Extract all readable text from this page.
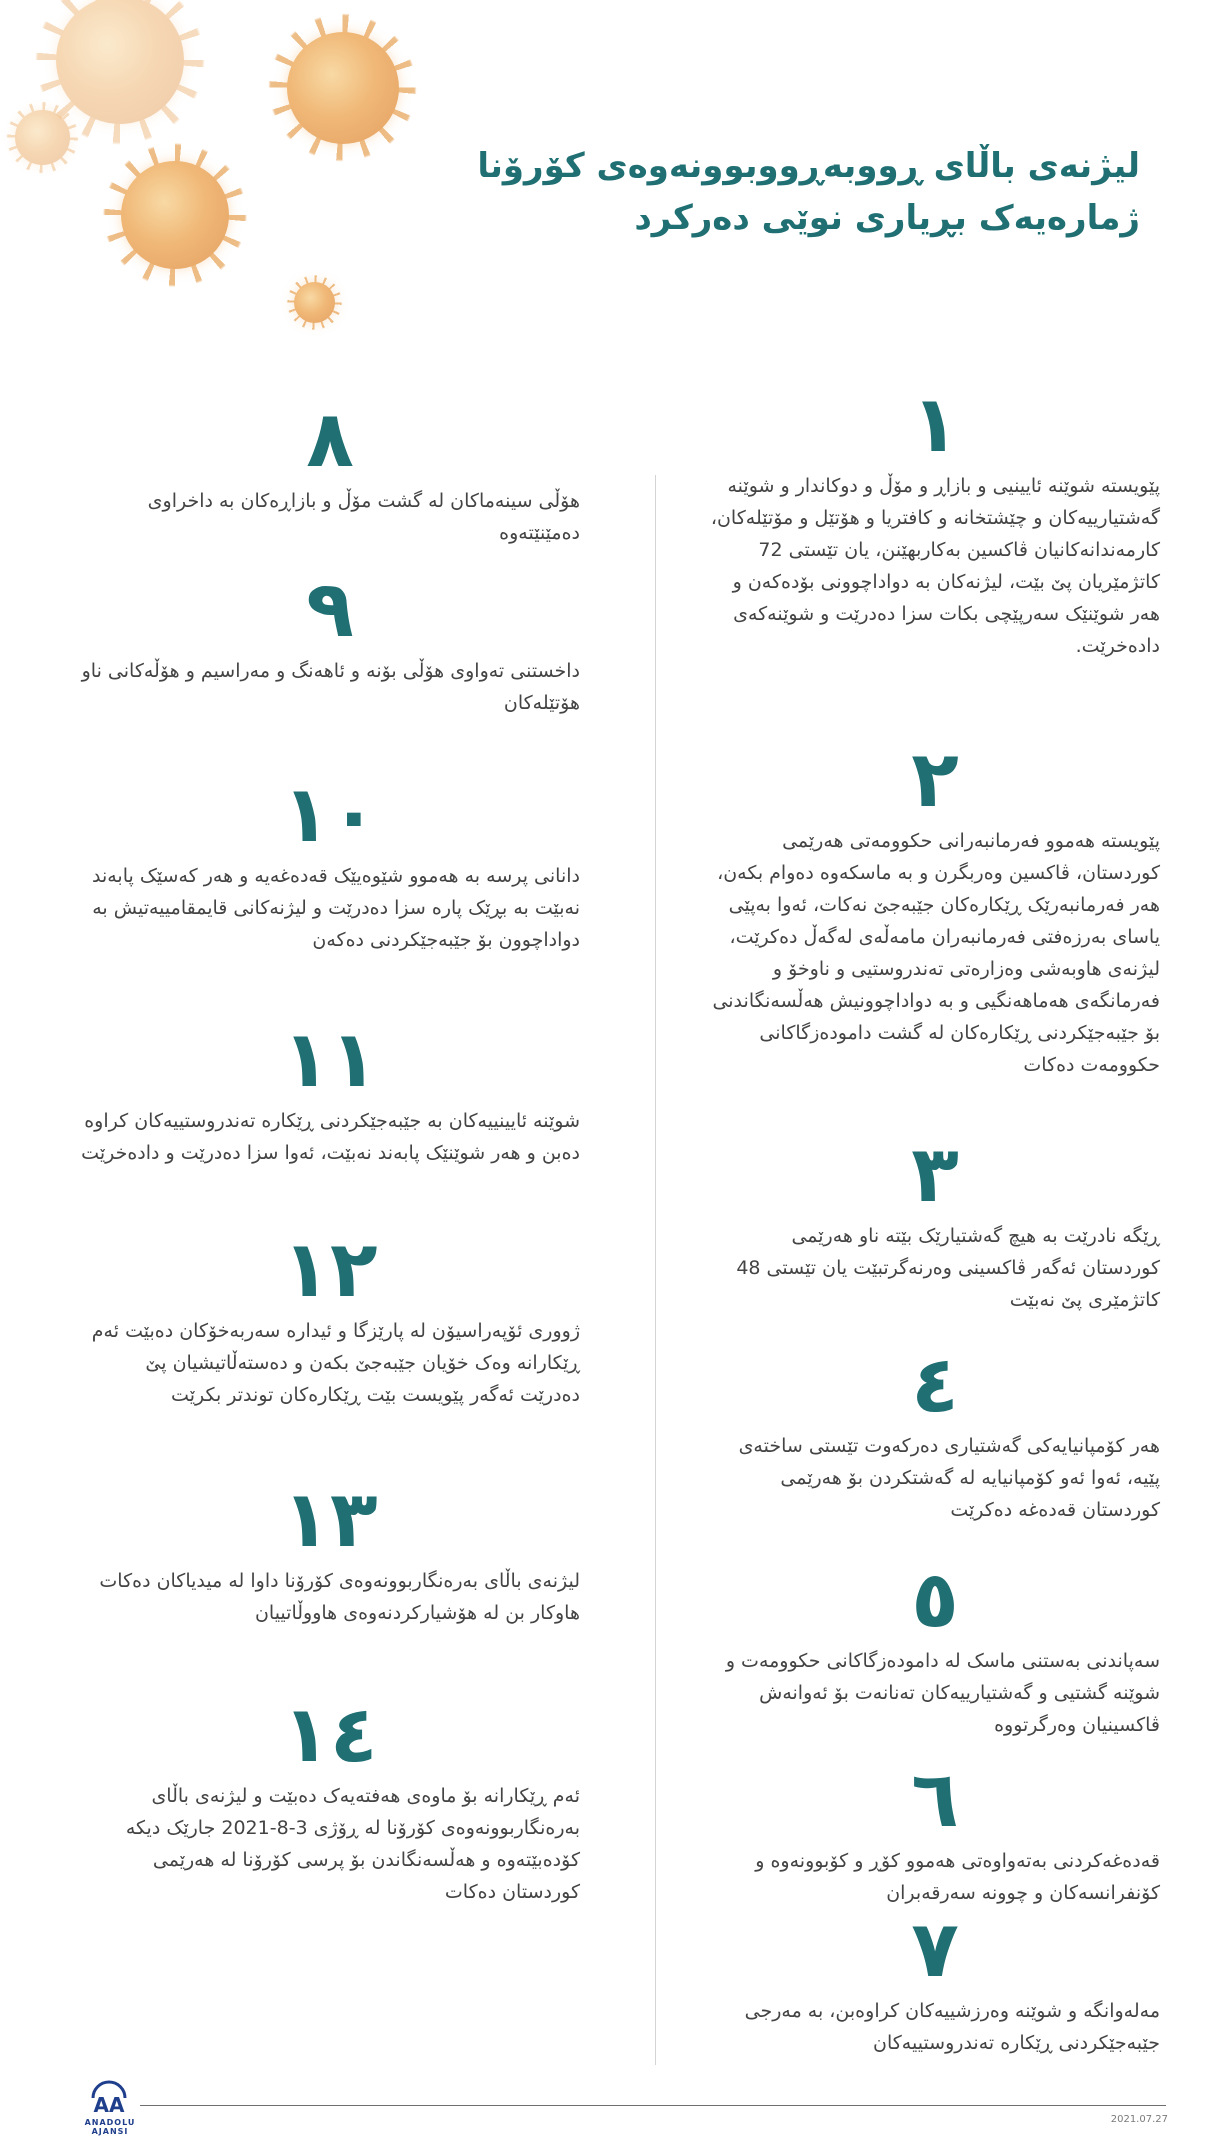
لیژنەی باڵای ڕووبەڕووبوونەوەی کۆرۆنا
ژمارەیەک بڕیاری نوێی دەرکرد
١

پێویستە شوێنە ئایینیی و بازاڕ و مۆڵ و دوکاندار و شوێنە گەشتیارییەکان و چێشتخانە و کافتریا و هۆتێل و مۆتێلەکان، کارمەندانەکانیان ڤاکسین بەکاربهێنن، یان تێستی 72 کاتژمێریان پێ بێت، لیژنەکان بە دواداچوونی بۆدەکەن و هەر شوێنێک سەرپێچی بکات سزا دەدرێت و شوێنەکەی دادەخرێت.

٢

پێویستە هەموو فەرمانبەرانی حکوومەتی هەرێمی کوردستان، ڤاکسین وەربگرن و بە ماسکەوە دەوام بکەن، هەر فەرمانبەرێک ڕێکارەکان جێبەجێ نەکات، ئەوا بەپێی یاسای بەرزەفتی فەرمانبەران مامەڵەی لەگەڵ دەکرێت، لیژنەی هاوبەشی وەزارەتی تەندروستیی و ناوخۆ و فەرمانگەی هەماهەنگیی و بە دواداچوونیش هەڵسەنگاندنی بۆ جێبەجێکردنی ڕێکارەکان لە گشت دامودەزگاکانی حکوومەت دەکات

٣

ڕێگە نادرێت بە هیچ گەشتیارێک بێتە ناو هەرێمی کوردستان ئەگەر ڤاکسینی وەرنەگرتبێت یان تێستی 48 کاتژمێری پێ نەبێت

٤

هەر کۆمپانیایەکی گەشتیاری دەرکەوت تێستی ساختەی پێیە، ئەوا ئەو کۆمپانیایە لە گەشتکردن بۆ هەرێمی کوردستان قەدەغە دەکرێت

٥

سەپاندنی بەستنی ماسک لە دامودەزگاکانی حکوومەت و شوێنە گشتیی و گەشتیارییەکان تەنانەت بۆ ئەوانەش ڤاکسینیان وەرگرتووە

٦

قەدەغەکردنی بەتەواوەتی هەموو کۆڕ و کۆبوونەوە و کۆنفرانسەکان و چوونە سەرقەبران

٧

مەلەوانگە و شوێنە وەرزشییەکان کراوەبن، بە مەرجی جێبەجێکردنی ڕێکارە تەندروستییەکان

٨

هۆڵی سینەماکان لە گشت مۆڵ و بازاڕەکان بە داخراوی دەمێنێتەوە

٩

داخستنی تەواوی هۆڵی بۆنە و ئاهەنگ و مەراسیم و هۆڵەکانی ناو هۆتێلەکان

١٠

دانانی پرسە بە هەموو شێوەیێک قەدەغەیە و هەر کەسێک پابەند نەبێت بە بڕێک پارە سزا دەدرێت و لیژنەکانی قایمقامییەتیش بە دواداچوون بۆ جێبەجێکردنی دەکەن

١١

شوێنە ئایینییەکان بە جێبەجێکردنی ڕێکارە تەندروستییەکان کراوە دەبن و هەر شوێنێک پابەند نەبێت، ئەوا سزا دەدرێت و دادەخرێت

١٢

ژووری ئۆپەراسیۆن لە پارێزگا و ئیدارە سەربەخۆکان دەبێت ئەم ڕێکارانە وەک خۆیان جێبەجێ بکەن و دەستەڵاتیشیان پێ دەدرێت ئەگەر پێویست بێت ڕێکارەکان توندتر بکرێت

١٣

لیژنەی باڵای بەرەنگاربوونەوەی کۆرۆنا داوا لە میدیاکان دەکات هاوکار بن لە هۆشیارکردنەوەی هاووڵاتییان

١٤

ئەم ڕێکارانە بۆ ماوەی هەفتەیەک دەبێت و لیژنەی باڵای بەرەنگاربوونەوەی کۆرۆنا لە ڕۆژی 3-8-2021 جارێک دیکە کۆدەبێتەوە و هەڵسەنگاندن بۆ پرسی کۆرۆنا لە هەرێمی کوردستان دەکات

AA
ANADOLU AJANSI
2021.07.27
